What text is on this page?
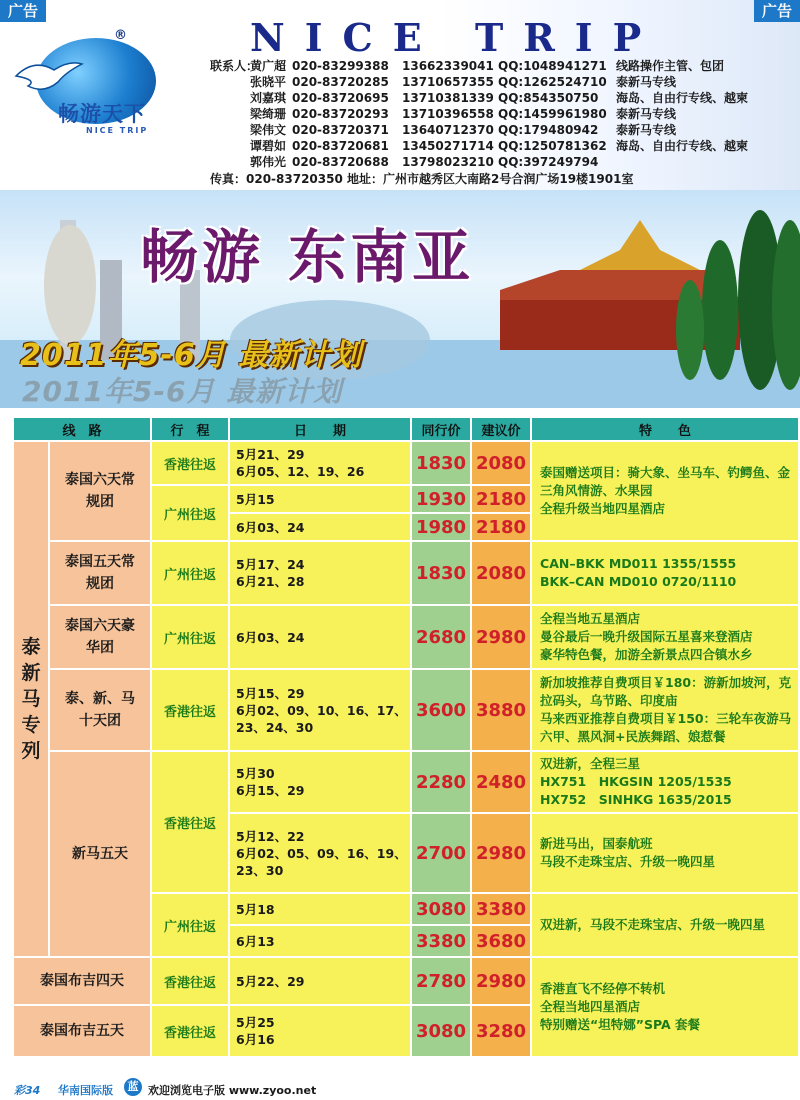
广告	广告
®
畅游天下
NICE TRIP
NICE TRIP
联系人：黄广超 020-83299388 13662339041 QQ:1048941271 线路操作主管、包团
张晓平 020-83720285 13710657355 QQ:1262524710 泰新马专线
刘嘉琪 020-83720695 13710381339 QQ:854350750 海岛、自由行专线、越柬
梁绮珊 020-83720293 13710396558 QQ:1459961980 泰新马专线
梁伟文 020-83720371 13640712370 QQ:179480942 泰新马专线
谭碧如 020-83720681 13450271714 QQ:1250781362 海岛、自由行专线、越柬
郭伟光 020-83720688 13798023210 QQ:397249794
传真：020-83720350 地址：广州市越秀区大南路2号合润广场19楼1901室
畅游 东南亚
2011年5-6月 最新计划
2011年5-6月 最新计划
线　路		行　程	日　　期	同行价	建议价	特　　色

泰新马专列	泰国六天常规团	香港往返	5月21、29
6月05、12、19、26	1830	2080	泰国赠送项目：骑大象、坐马车、钓鳄鱼、金三角风情游、水果园
全程升级当地四星酒店
		广州往返	5月15	1930	2180	
			6月03、24	1980	2180	
	泰国五天常规团	广州往返	5月17、24
6月21、28	1830	2080	CAN–BKK MD011 1355/1555
BKK–CAN MD010 0720/1110
	泰国六天豪华团	广州往返	6月03、24	2680	2980	全程当地五星酒店
曼谷最后一晚升级国际五星喜来登酒店
豪华特色餐，加游全新景点四合镇水乡
	泰、新、马十天团	香港往返	5月15、29
6月02、09、10、16、17、23、24、30	3600	3880	新加坡推荐自费项目￥180：游新加坡河，克拉码头，乌节路、印度庙
马来西亚推荐自费项目￥150：三轮车夜游马六甲、黑风洞+民族舞蹈、娘惹餐
	新马五天	香港往返	5月30
6月15、29	2280	2480	双进新，全程三星
HX751　HKGSIN 1205/1535
HX752　SINHKG 1635/2015
			5月12、22
6月02、05、09、16、19、23、30	2700	2980	新进马出，国泰航班
马段不走珠宝店、升级一晚四星
		广州往返	5月18	3080	3380	双进新，马段不走珠宝店、升级一晚四星
			6月13	3380	3680	
泰国布吉四天		香港往返	5月22、29	2780	2980	香港直飞不经停不转机
全程当地四星酒店
特别赠送“坦特娜”SPA 套餐
泰国布吉五天		香港往返	5月25
6月16	3080	3280	
彩34 华南国际版	蓝 欢迎浏览电子版 www.zyoo.net
